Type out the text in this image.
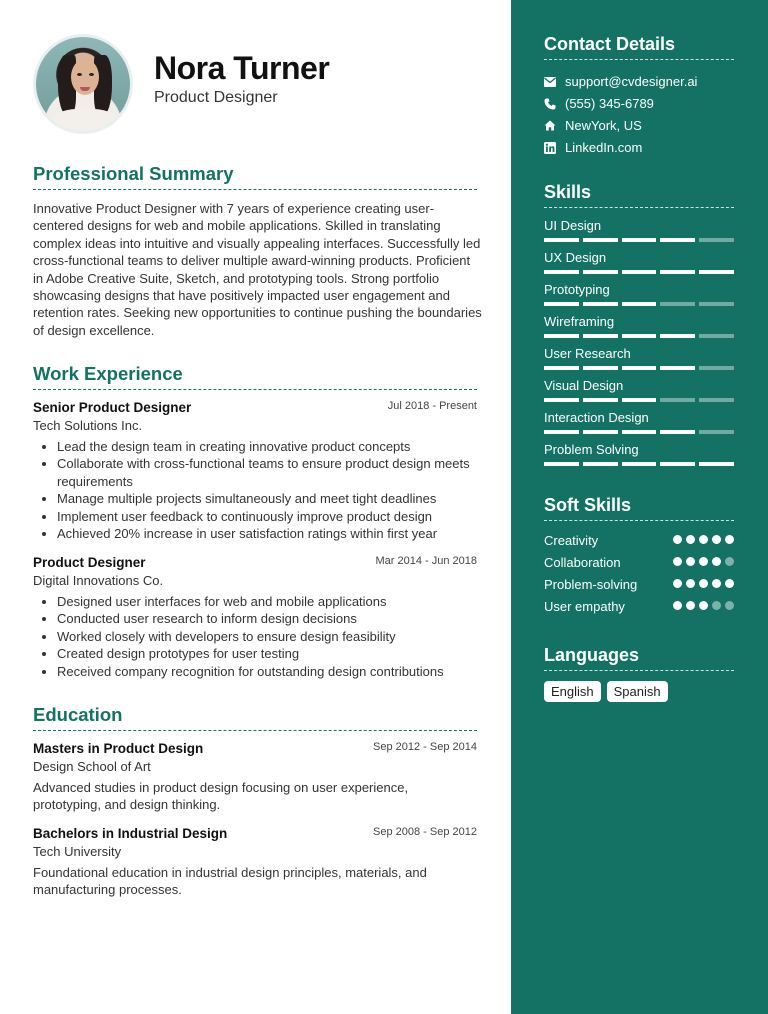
Nora Turner
Product Designer
Professional Summary
Innovative Product Designer with 7 years of experience creating user-centered designs for web and mobile applications. Skilled in translating complex ideas into intuitive and visually appealing interfaces. Successfully led cross-functional teams to deliver multiple award-winning products. Proficient in Adobe Creative Suite, Sketch, and prototyping tools. Strong portfolio showcasing designs that have positively impacted user engagement and retention rates. Seeking new opportunities to continue pushing the boundaries of design excellence.
Work Experience
Senior Product Designer	Jul 2018 - Present
Tech Solutions Inc.
• Lead the design team in creating innovative product concepts
• Collaborate with cross-functional teams to ensure product design meets requirements
• Manage multiple projects simultaneously and meet tight deadlines
• Implement user feedback to continuously improve product design
• Achieved 20% increase in user satisfaction ratings within first year
Product Designer	Mar 2014 - Jun 2018
Digital Innovations Co.
• Designed user interfaces for web and mobile applications
• Conducted user research to inform design decisions
• Worked closely with developers to ensure design feasibility
• Created design prototypes for user testing
• Received company recognition for outstanding design contributions
Education
Masters in Product Design	Sep 2012 - Sep 2014
Design School of Art
Advanced studies in product design focusing on user experience, prototyping, and design thinking.
Bachelors in Industrial Design	Sep 2008 - Sep 2012
Tech University
Foundational education in industrial design principles, materials, and manufacturing processes.
Contact Details
support@cvdesigner.ai
(555) 345-6789
NewYork, US
LinkedIn.com
Skills
UI Design
UX Design
Prototyping
Wireframing
User Research
Visual Design
Interaction Design
Problem Solving
Soft Skills
Creativity
Collaboration
Problem-solving
User empathy
Languages
English	Spanish
